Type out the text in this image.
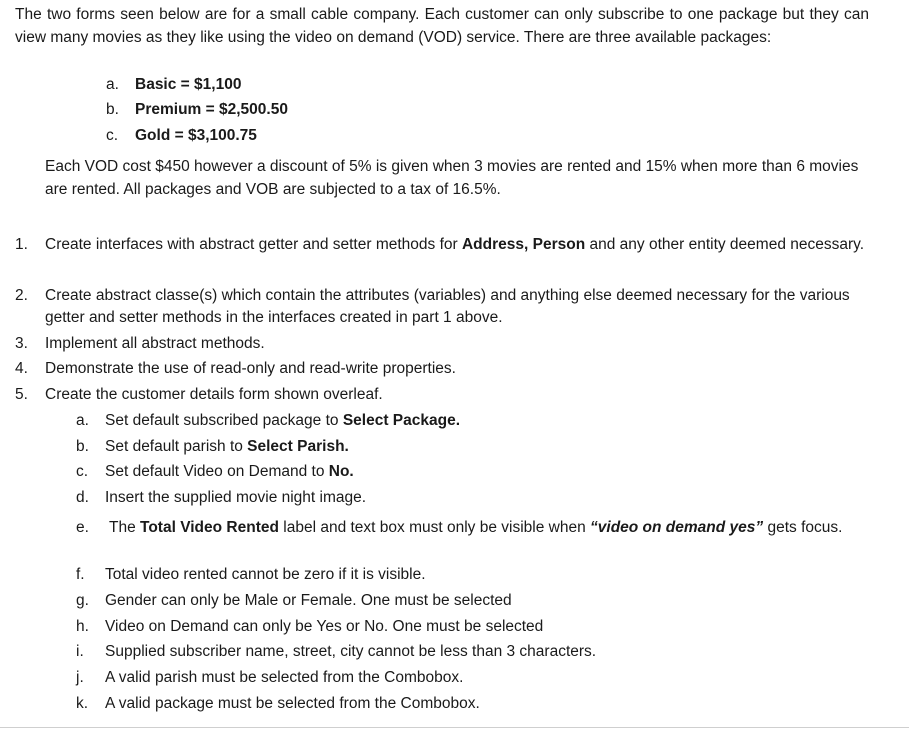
The two forms seen below are for a small cable company. Each customer can only subscribe to one package but they can view many movies as they like using the video on demand (VOD) service. There are three available packages:
a. Basic = $1,100
b. Premium = $2,500.50
c. Gold = $3,100.75
Each VOD cost $450 however a discount of 5% is given when 3 movies are rented and 15% when more than 6 movies are rented. All packages and VOB are subjected to a tax of 16.5%.
1.	Create interfaces with abstract getter and setter methods for Address, Person and any other entity deemed necessary.
2.	Create abstract classe(s) which contain the attributes (variables) and anything else deemed necessary for the various getter and setter methods in the interfaces created in part 1 above.
3.	Implement all abstract methods.
4.	Demonstrate the use of read-only and read-write properties.
5.	Create the customer details form shown overleaf.
a.	Set default subscribed package to Select Package.
b.	Set default parish to Select Parish.
c.	Set default Video on Demand to No.
d.	Insert the supplied movie night image.
e.	The Total Video Rented label and text box must only be visible when “video on demand yes” gets focus.
f.	Total video rented cannot be zero if it is visible.
g.	Gender can only be Male or Female. One must be selected
h.	Video on Demand can only be Yes or No. One must be selected
i.	Supplied subscriber name, street, city cannot be less than 3 characters.
j.	A valid parish must be selected from the Combobox.
k.	A valid package must be selected from the Combobox.
